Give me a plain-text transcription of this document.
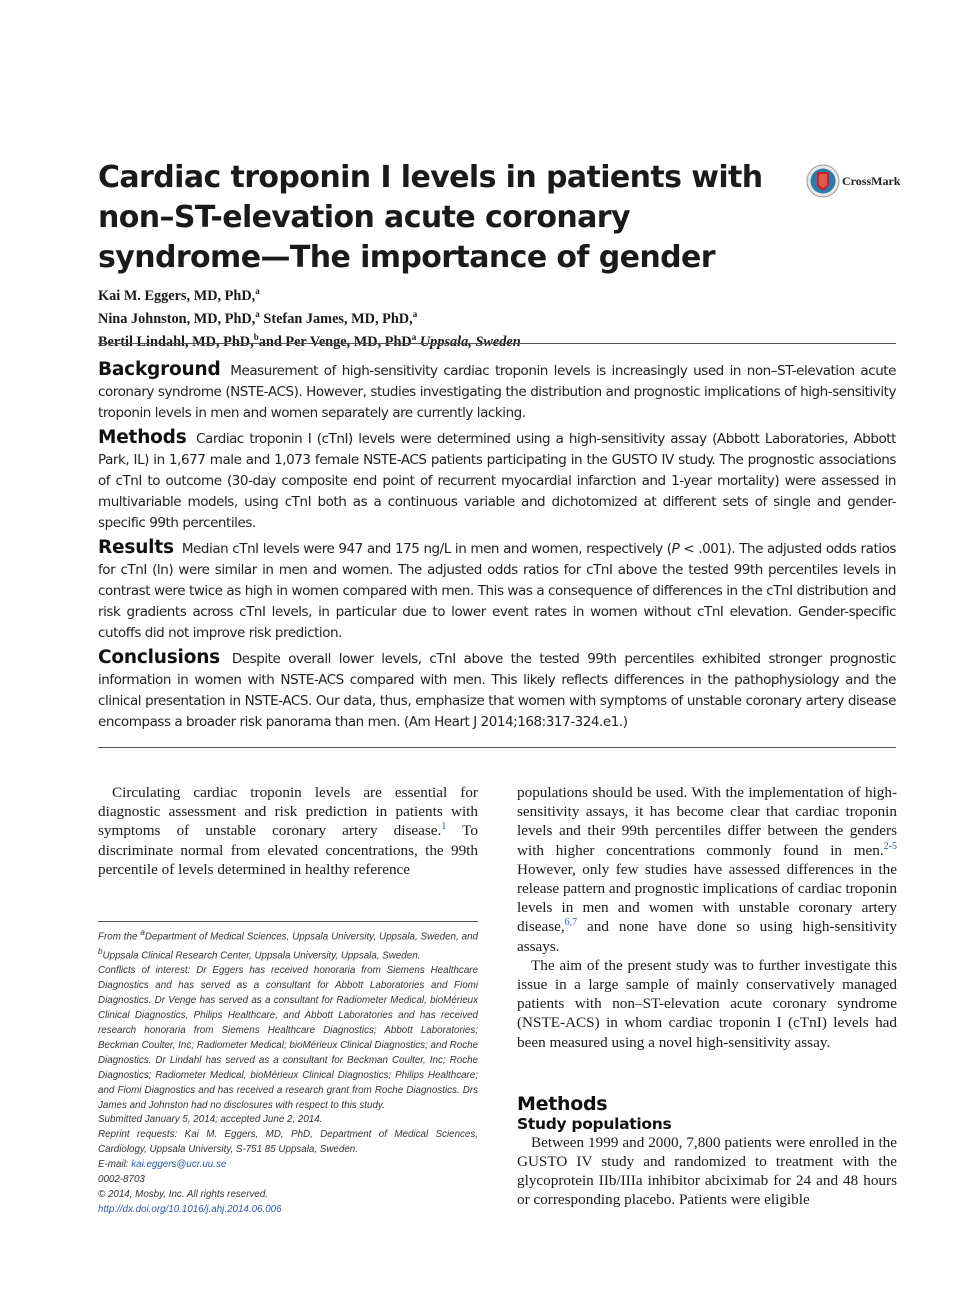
Cardiac troponin I levels in patients with
non–ST-elevation acute coronary
syndrome—The importance of gender
CrossMark
Kai M. Eggers, MD, PhD,$^a$
Nina Johnston, MD, PhD,$^a$ Stefan James, MD, PhD,$^a$
Bertil Lindahl, MD, PhD,$^b$and Per Venge, MD, PhD$^a$ Uppsala, Sweden

Background Measurement of high-sensitivity cardiac troponin levels is increasingly used in non–ST-elevation acute coronary syndrome (NSTE-ACS). However, studies investigating the distribution and prognostic implications of high-sensitivity troponin levels in men and women separately are currently lacking.

Methods Cardiac troponin I (cTnI) levels were determined using a high-sensitivity assay (Abbott Laboratories, Abbott Park, IL) in 1,677 male and 1,073 female NSTE-ACS patients participating in the GUSTO IV study. The prognostic associations of cTnI to outcome (30-day composite end point of recurrent myocardial infarction and 1-year mortality) were assessed in multivariable models, using cTnI both as a continuous variable and dichotomized at different sets of single and gender-specific 99th percentiles.

Results Median cTnI levels were 947 and 175 ng/L in men and women, respectively (P < .001). The adjusted odds ratios for cTnI (ln) were similar in men and women. The adjusted odds ratios for cTnI above the tested 99th percentiles levels in contrast were twice as high in women compared with men. This was a consequence of differences in the cTnI distribution and risk gradients across cTnI levels, in particular due to lower event rates in women without cTnI elevation. Gender-specific cutoffs did not improve risk prediction.

Conclusions Despite overall lower levels, cTnI above the tested 99th percentiles exhibited stronger prognostic information in women with NSTE-ACS compared with men. This likely reflects differences in the pathophysiology and the clinical presentation in NSTE-ACS. Our data, thus, emphasize that women with symptoms of unstable coronary artery disease encompass a broader risk panorama than men. (Am Heart J 2014;168:317-324.e1.)

Circulating cardiac troponin levels are essential for diagnostic assessment and risk prediction in patients with symptoms of unstable coronary artery disease.$^1$ To discriminate normal from elevated concentrations, the 99th percentile of levels determined in healthy reference

From the $^a$Department of Medical Sciences, Uppsala University, Uppsala, Sweden, and $^b$Uppsala Clinical Research Center, Uppsala University, Uppsala, Sweden.

Conflicts of interest: Dr Eggers has received honoraria from Siemens Healthcare Diagnostics and has served as a consultant for Abbott Laboratories and Fiomi Diagnostics. Dr Venge has served as a consultant for Radiometer Medical, bioMérieux Clinical Diagnostics, Philips Healthcare, and Abbott Laboratories and has received research honoraria from Siemens Healthcare Diagnostics; Abbott Laboratories; Beckman Coulter, Inc; Radiometer Medical; bioMérieux Clinical Diagnostics; and Roche Diagnostics. Dr Lindahl has served as a consultant for Beckman Coulter, Inc; Roche Diagnostics; Radiometer Medical, bioMérieux Clinical Diagnostics; Philips Healthcare; and Fiomi Diagnostics and has received a research grant from Roche Diagnostics. Drs James and Johnston had no disclosures with respect to this study.

Submitted January 5, 2014; accepted June 2, 2014.

Reprint requests: Kai M. Eggers, MD, PhD, Department of Medical Sciences, Cardiology, Uppsala University, S-751 85 Uppsala, Sweden.

E-mail: kai.eggers@ucr.uu.se

0002-8703

© 2014, Mosby, Inc. All rights reserved.

http://dx.doi.org/10.1016/j.ahj.2014.06.006

populations should be used. With the implementation of high-sensitivity assays, it has become clear that cardiac troponin levels and their 99th percentiles differ between the genders with higher concentrations commonly found in men.$^{2-5}$ However, only few studies have assessed differences in the release pattern and prognostic implications of cardiac troponin levels in men and women with unstable coronary artery disease,$^{6,7}$ and none have done so using high-sensitivity assays.

The aim of the present study was to further investigate this issue in a large sample of mainly conservatively managed patients with non–ST-elevation acute coronary syndrome (NSTE-ACS) in whom cardiac troponin I (cTnI) levels had been measured using a novel high-sensitivity assay.

Methods
Study populations

Between 1999 and 2000, 7,800 patients were enrolled in the GUSTO IV study and randomized to treatment with the glycoprotein IIb/IIIa inhibitor abciximab for 24 and 48 hours or corresponding placebo. Patients were eligible
